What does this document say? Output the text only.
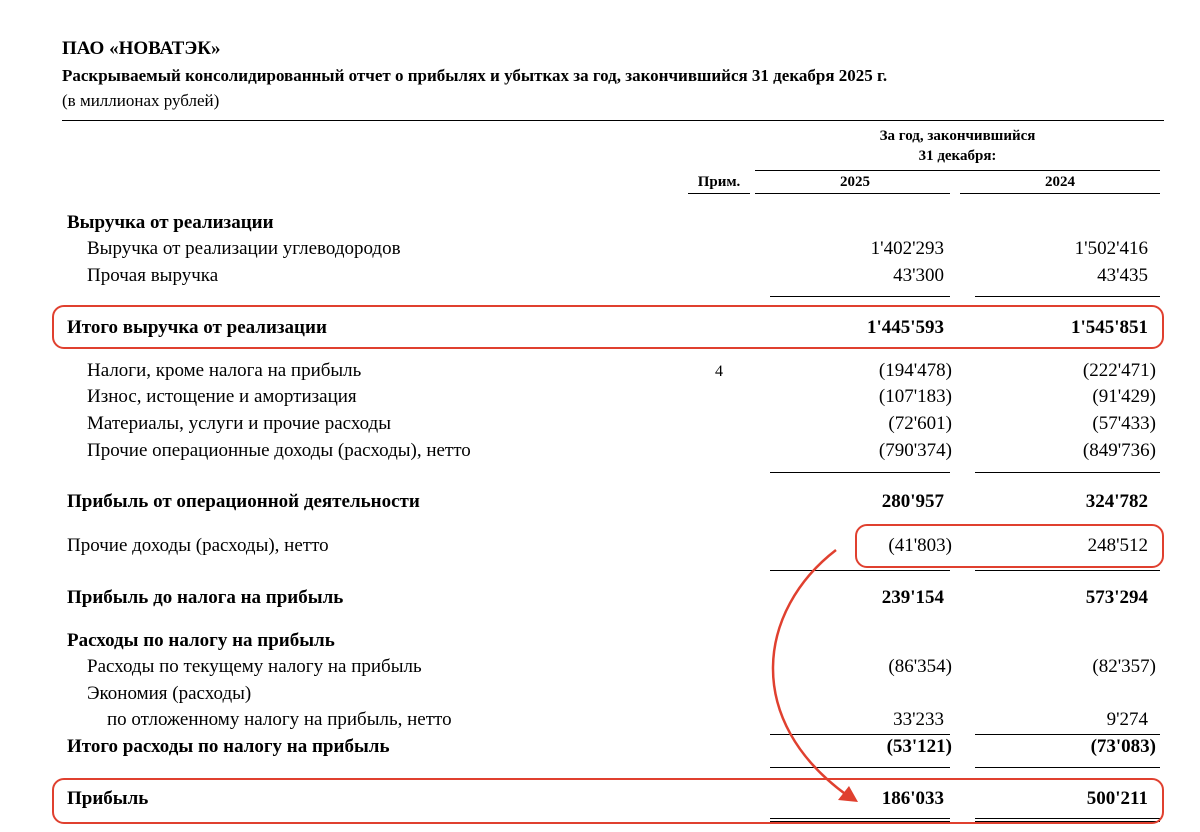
ПАО «НОВАТЭК»
Раскрываемый консолидированный отчет о прибылях и убытках за год, закончившийся 31 декабря 2025 г.
(в миллионах рублей)
За год, закончившийся
31 декабря:
Прим.	2025	2024
Выручка от реализации
Выручка от реализации углеводородов	1'402'293	1'502'416
Прочая выручка	43'300	43'435
Итого выручка от реализации	1'445'593	1'545'851
Налоги, кроме налога на прибыль	4	(194'478)	(222'471)
Износ, истощение и амортизация	(107'183)	(91'429)
Материалы, услуги и прочие расходы	(72'601)	(57'433)
Прочие операционные доходы (расходы), нетто	(790'374)	(849'736)
Прибыль от операционной деятельности	280'957	324'782
Прочие доходы (расходы), нетто	(41'803)	248'512
Прибыль до налога на прибыль	239'154	573'294
Расходы по налогу на прибыль
Расходы по текущему налогу на прибыль	(86'354)	(82'357)
Экономия (расходы)
по отложенному налогу на прибыль, нетто	33'233	9'274
Итого расходы по налогу на прибыль	(53'121)	(73'083)
Прибыль	186'033	500'211
